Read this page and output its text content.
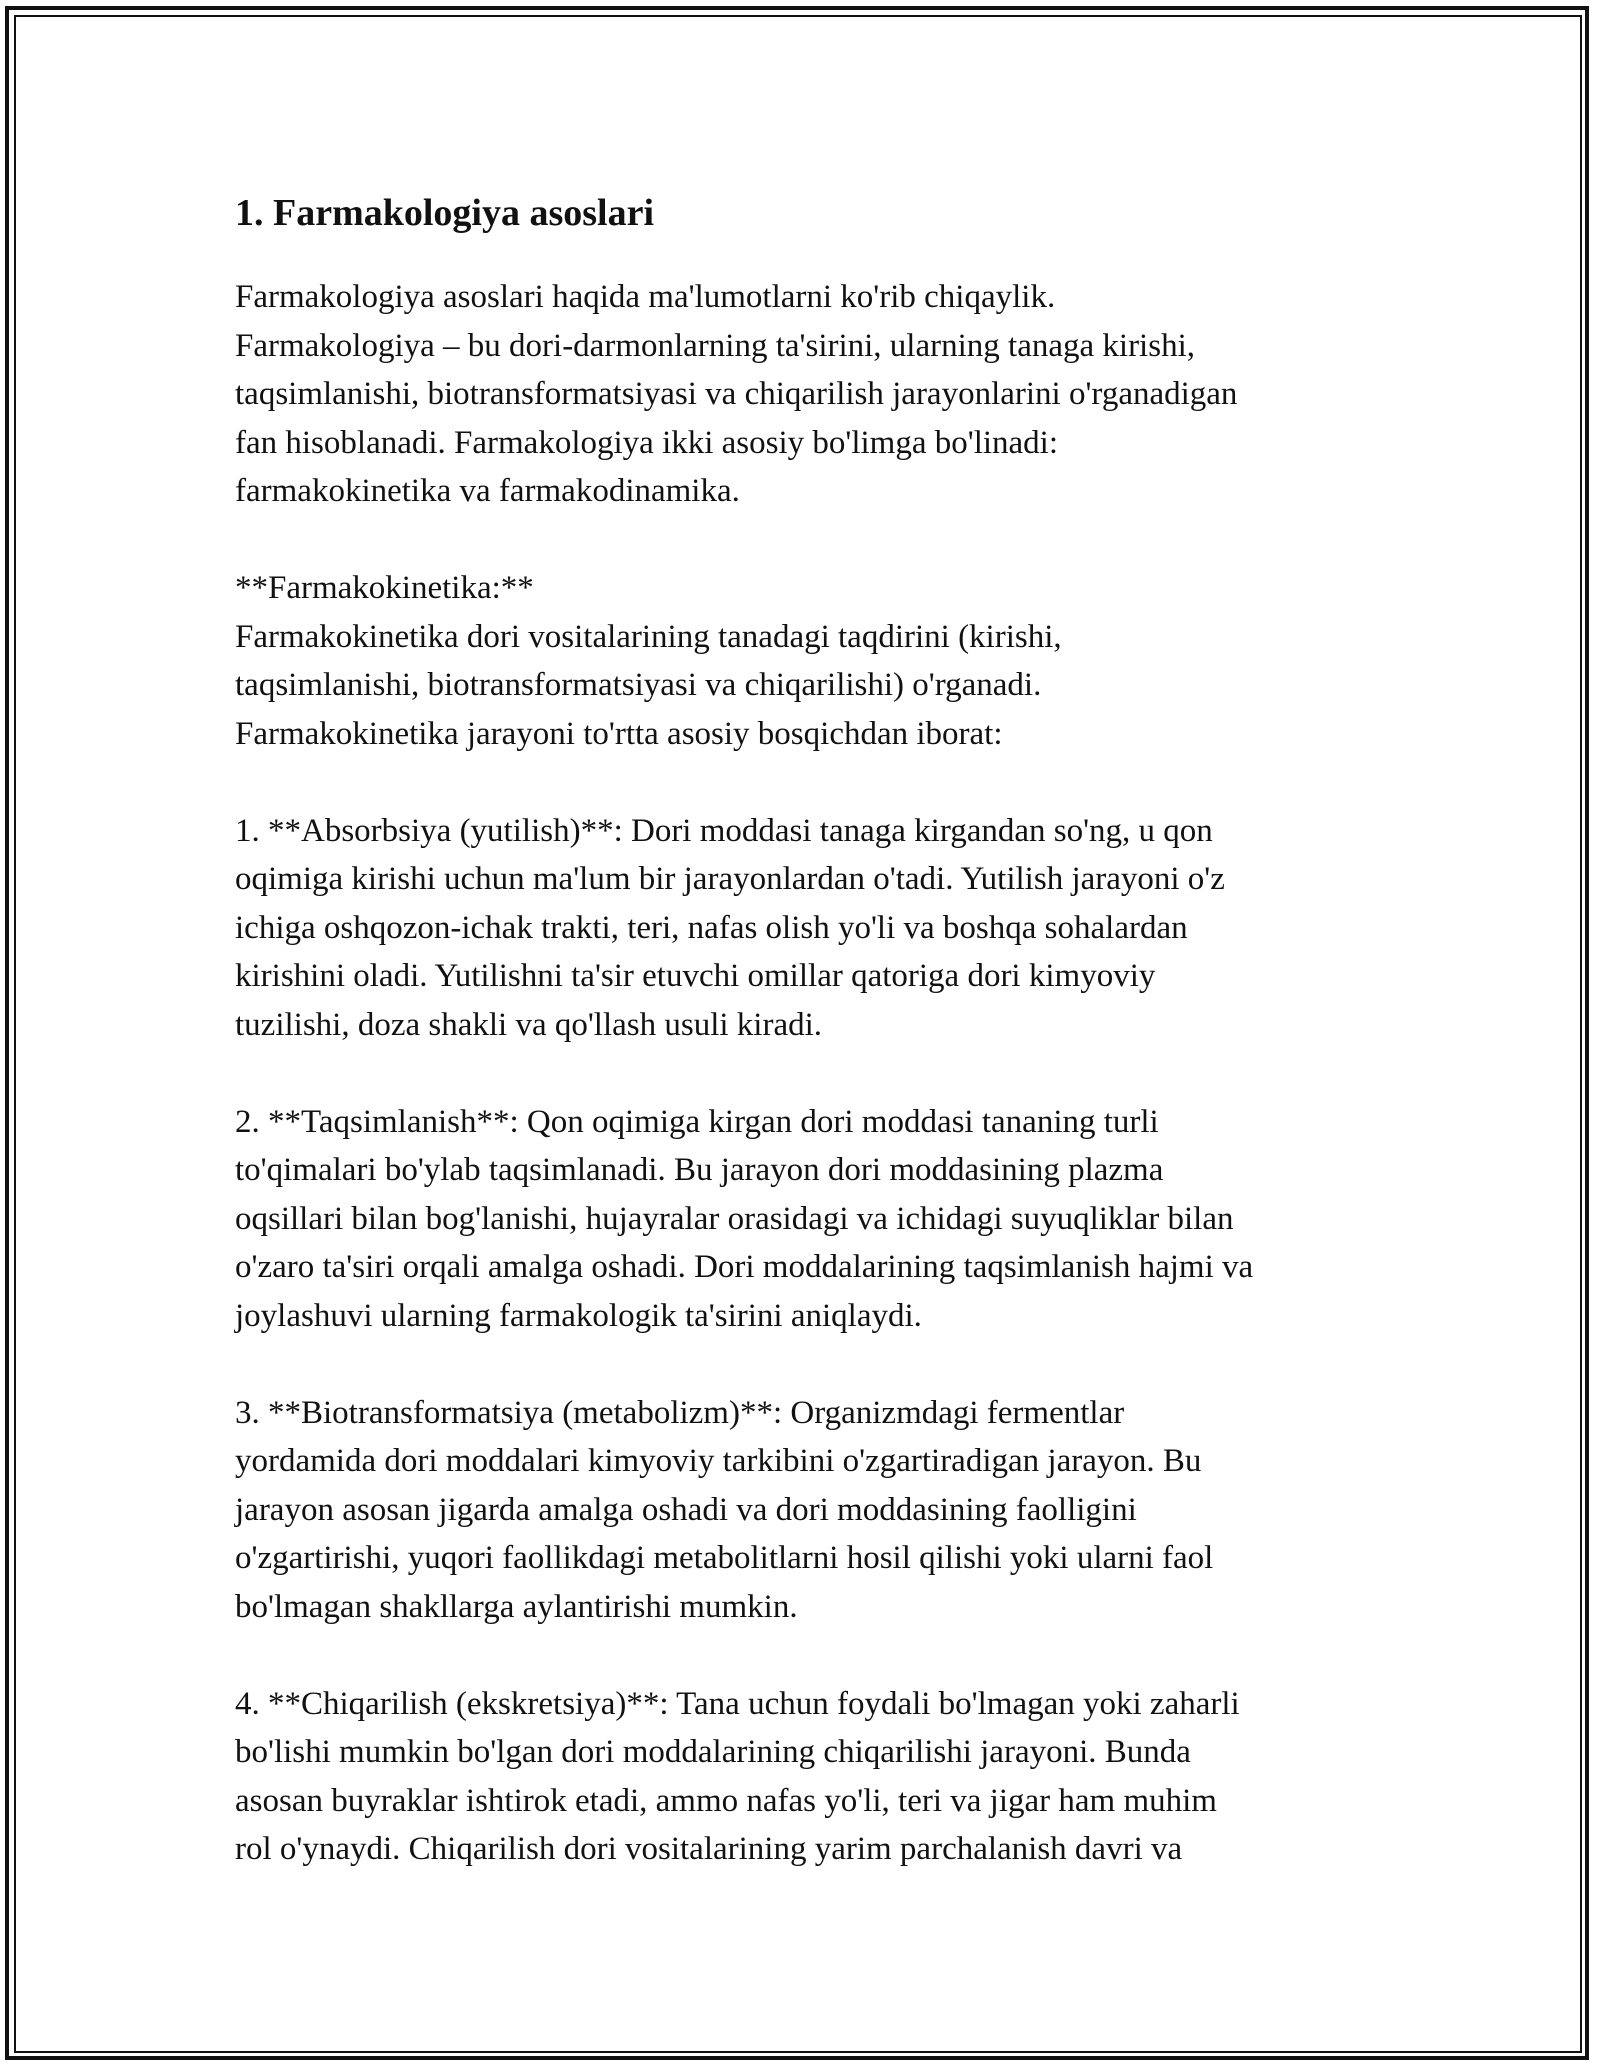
1. Farmakologiya asoslari
Farmakologiya asoslari haqida ma'lumotlarni ko'rib chiqaylik.
Farmakologiya – bu dori-darmonlarning ta'sirini, ularning tanaga kirishi,
taqsimlanishi, biotransformatsiyasi va chiqarilish jarayonlarini o'rganadigan
fan hisoblanadi. Farmakologiya ikki asosiy bo'limga bo'linadi:
farmakokinetika va farmakodinamika.
**Farmakokinetika:**
Farmakokinetika dori vositalarining tanadagi taqdirini (kirishi,
taqsimlanishi, biotransformatsiyasi va chiqarilishi) o'rganadi.
Farmakokinetika jarayoni to'rtta asosiy bosqichdan iborat:
1. **Absorbsiya (yutilish)**: Dori moddasi tanaga kirgandan so'ng, u qon
oqimiga kirishi uchun ma'lum bir jarayonlardan o'tadi. Yutilish jarayoni o'z
ichiga oshqozon-ichak trakti, teri, nafas olish yo'li va boshqa sohalardan
kirishini oladi. Yutilishni ta'sir etuvchi omillar qatoriga dori kimyoviy
tuzilishi, doza shakli va qo'llash usuli kiradi.
2. **Taqsimlanish**: Qon oqimiga kirgan dori moddasi tananing turli
to'qimalari bo'ylab taqsimlanadi. Bu jarayon dori moddasining plazma
oqsillari bilan bog'lanishi, hujayralar orasidagi va ichidagi suyuqliklar bilan
o'zaro ta'siri orqali amalga oshadi. Dori moddalarining taqsimlanish hajmi va
joylashuvi ularning farmakologik ta'sirini aniqlaydi.
3. **Biotransformatsiya (metabolizm)**: Organizmdagi fermentlar
yordamida dori moddalari kimyoviy tarkibini o'zgartiradigan jarayon. Bu
jarayon asosan jigarda amalga oshadi va dori moddasining faolligini
o'zgartirishi, yuqori faollikdagi metabolitlarni hosil qilishi yoki ularni faol
bo'lmagan shakllarga aylantirishi mumkin.
4. **Chiqarilish (ekskretsiya)**: Tana uchun foydali bo'lmagan yoki zaharli
bo'lishi mumkin bo'lgan dori moddalarining chiqarilishi jarayoni. Bunda
asosan buyraklar ishtirok etadi, ammo nafas yo'li, teri va jigar ham muhim
rol o'ynaydi. Chiqarilish dori vositalarining yarim parchalanish davri va
